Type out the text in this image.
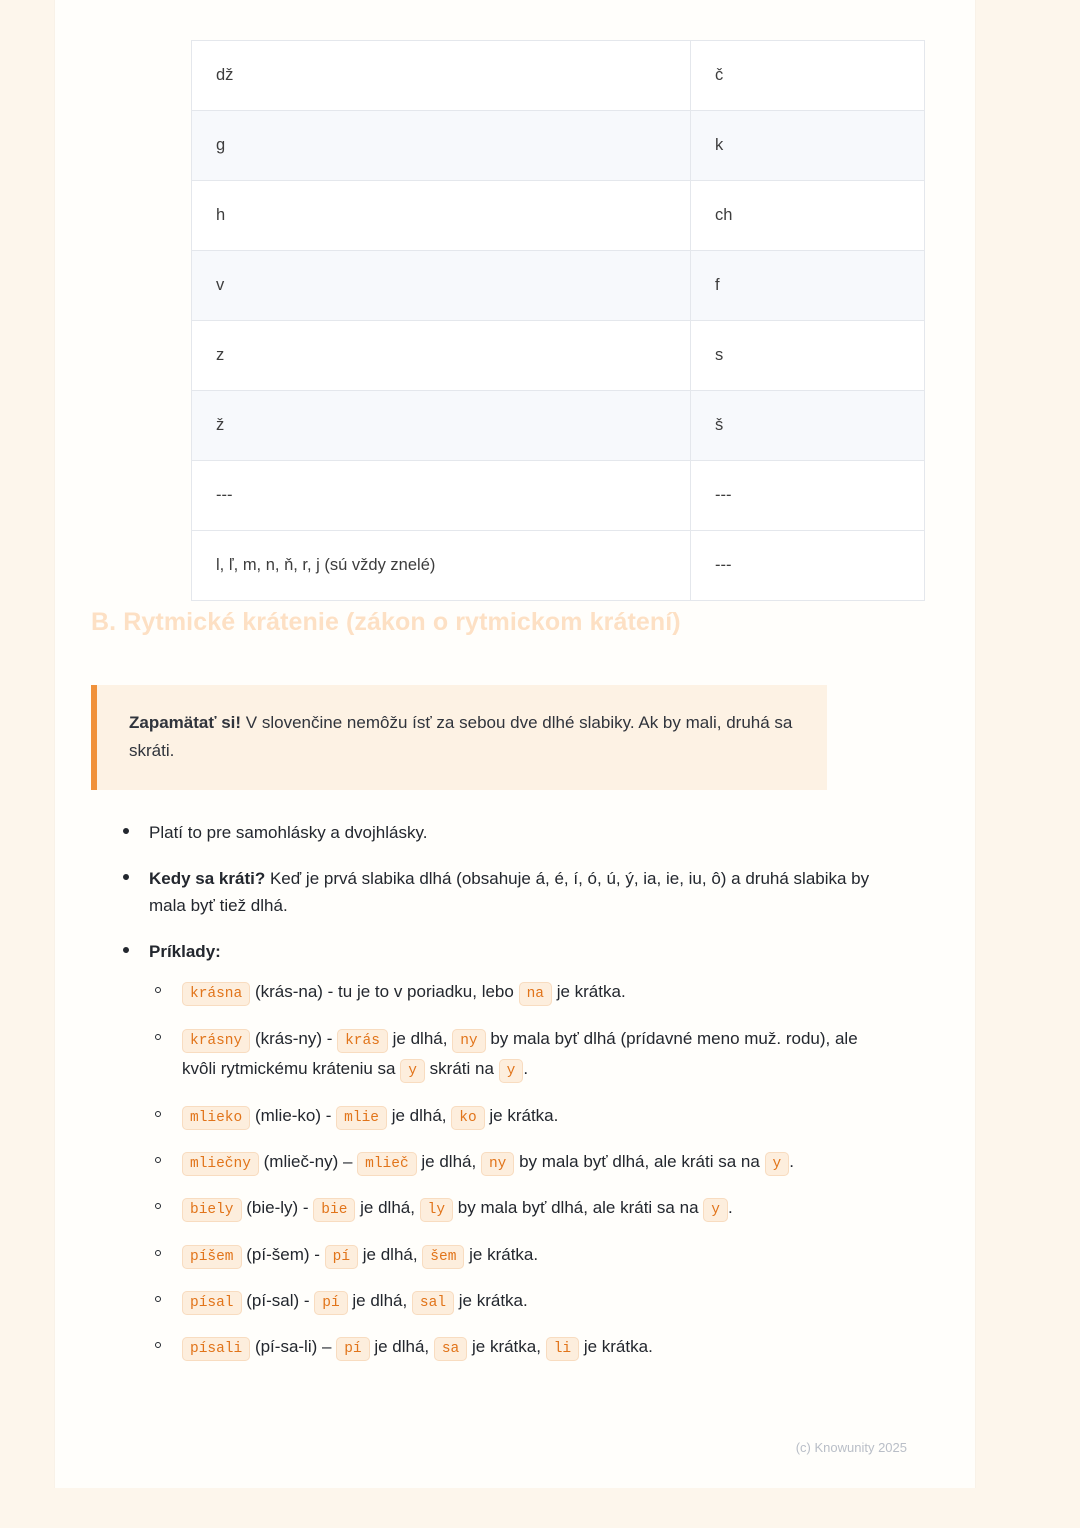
dž	č
g	k
h	ch
v	f
z	s
ž	š
---	---
l, ľ, m, n, ň, r, j (sú vždy znelé)	---
B. Rytmické krátenie (zákon o rytmickom krátení)

Zapamätať si! V slovenčine nemôžu ísť za sebou dve dlhé slabiky. Ak by mali, druhá sa skráti.

Platí to pre samohlásky a dvojhlásky.
Kedy sa kráti? Keď je prvá slabika dlhá (obsahuje á, é, í, ó, ú, ý, ia, ie, iu, ô) a druhá slabika by mala byť tiež dlhá.
Príklady:
krásna (krás-na) - tu je to v poriadku, lebo na je krátka.
krásny (krás-ny) - krás je dlhá, ny by mala byť dlhá (prídavné meno muž. rodu), ale kvôli rytmickému kráteniu sa y skráti na y .
mlieko (mlie-ko) - mlie je dlhá, ko je krátka.
mliečny (mlieč-ny) – mlieč je dlhá, ny by mala byť dlhá, ale kráti sa na y .
biely (bie-ly) - bie je dlhá, ly by mala byť dlhá, ale kráti sa na y .
píšem (pí-šem) - pí je dlhá, šem je krátka.
písal (pí-sal) - pí je dlhá, sal je krátka.
písali (pí-sa-li) – pí je dlhá, sa je krátka, li je krátka.
(c) Knowunity 2025
